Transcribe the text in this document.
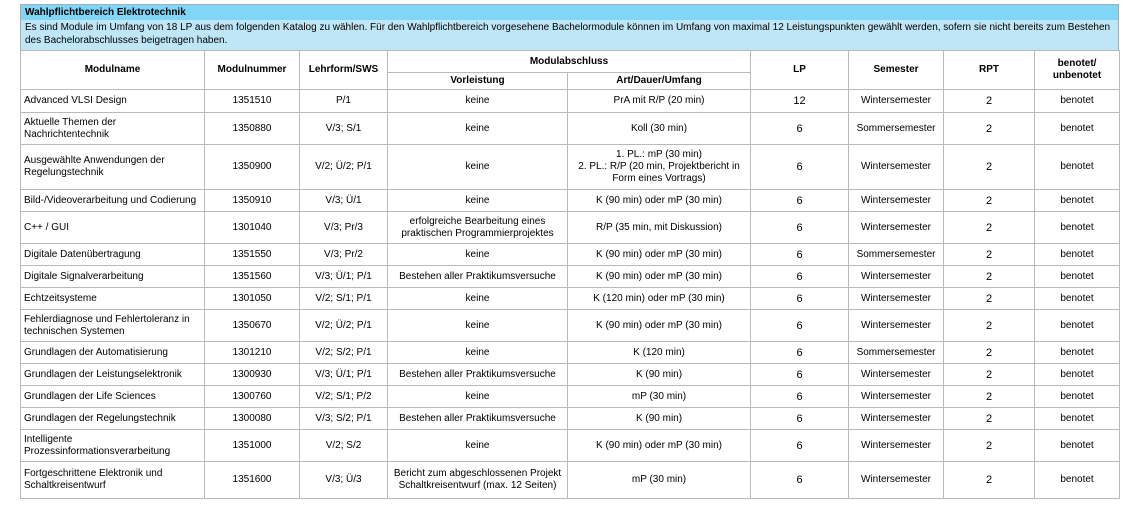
Wahlpflichtbereich Elektrotechnik
Es sind Module im Umfang von 18 LP aus dem folgenden Katalog zu wählen. Für den Wahlpflichtbereich vorgesehene Bachelormodule können im Umfang von maximal 12 Leistungspunkten gewählt werden, sofern sie nicht bereits zum Bestehen des Bachelorabschlusses beigetragen haben.
Modulname	Modulnummer	Lehrform/SWS	Modulabschluss		LP	Semester	RPT	benotet/ unbenotet
			Vorleistung	Art/Dauer/Umfang				
Advanced VLSI Design	1351510	P/1	keine	PrA mit R/P (20 min)	12	Wintersemester	2	benotet
Aktuelle Themen der Nachrichtentechnik	1350880	V/3; S/1	keine	Koll (30 min)	6	Sommersemester	2	benotet
Ausgewählte Anwendungen der Regelungstechnik	1350900	V/2; Ü/2; P/1	keine	1. PL.: mP (30 min)
2. PL.: R/P (20 min, Projektbericht in Form eines Vortrags)	6	Wintersemester	2	benotet
Bild-/Videoverarbeitung und Codierung	1350910	V/3; Ü/1	keine	K (90 min) oder mP (30 min)	6	Wintersemester	2	benotet
C++ / GUI	1301040	V/3; Pr/3	erfolgreiche Bearbeitung eines praktischen Programmierprojektes	R/P (35 min, mit Diskussion)	6	Wintersemester	2	benotet
Digitale Datenübertragung	1351550	V/3; Pr/2	keine	K (90 min) oder mP (30 min)	6	Sommersemester	2	benotet
Digitale Signalverarbeitung	1351560	V/3; Ü/1; P/1	Bestehen aller Praktikumsversuche	K (90 min) oder mP (30 min)	6	Wintersemester	2	benotet
Echtzeitsysteme	1301050	V/2; S/1; P/1	keine	K (120 min) oder mP (30 min)	6	Wintersemester	2	benotet
Fehlerdiagnose und Fehlertoleranz in technischen Systemen	1350670	V/2; Ü/2; P/1	keine	K (90 min) oder mP (30 min)	6	Wintersemester	2	benotet
Grundlagen der Automatisierung	1301210	V/2; S/2; P/1	keine	K (120 min)	6	Sommersemester	2	benotet
Grundlagen der Leistungselektronik	1300930	V/3; Ü/1; P/1	Bestehen aller Praktikumsversuche	K (90 min)	6	Wintersemester	2	benotet
Grundlagen der Life Sciences	1300760	V/2; S/1; P/2	keine	mP (30 min)	6	Wintersemester	2	benotet
Grundlagen der Regelungstechnik	1300080	V/3; S/2; P/1	Bestehen aller Praktikumsversuche	K (90 min)	6	Wintersemester	2	benotet
Intelligente Prozessinformationsverarbeitung	1351000	V/2; S/2	keine	K (90 min) oder mP (30 min)	6	Wintersemester	2	benotet
Fortgeschrittene Elektronik und Schaltkreisentwurf	1351600	V/3; Ü/3	Bericht zum abgeschlossenen Projekt Schaltkreisentwurf (max. 12 Seiten)	mP (30 min)	6	Wintersemester	2	benotet
